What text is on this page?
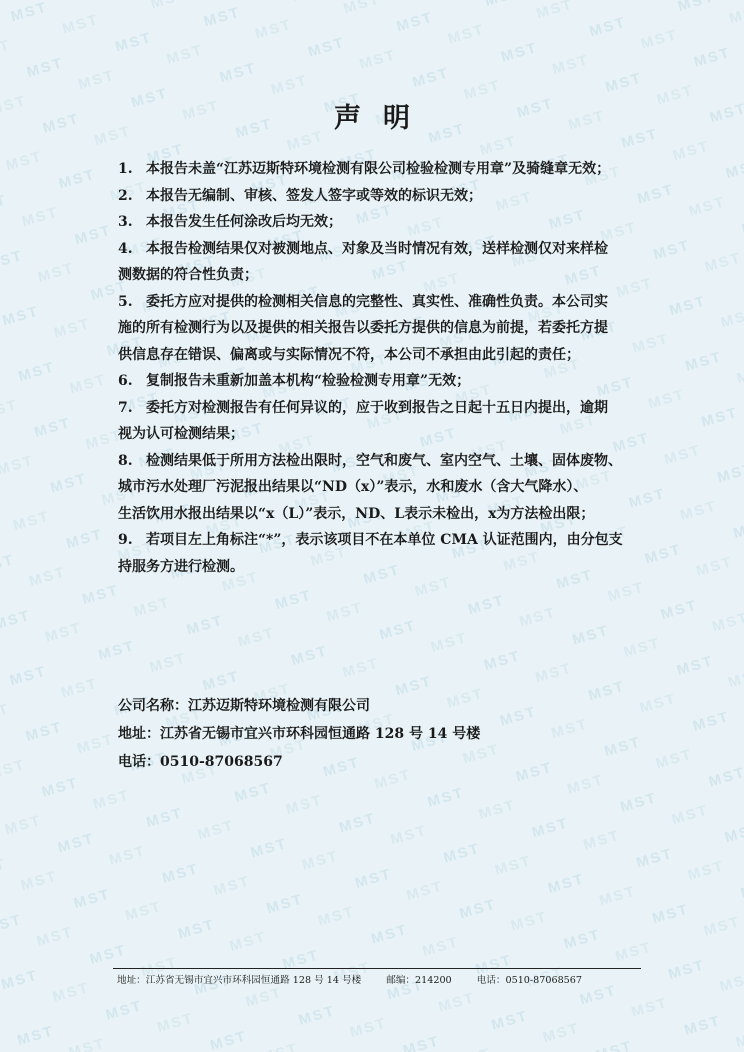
声明
1. 本报告未盖“江苏迈斯特环境检测有限公司检验检测专用章”及骑缝章无效；
2. 本报告无编制、审核、签发人签字或等效的标识无效；
3. 本报告发生任何涂改后均无效；
4. 本报告检测结果仅对被测地点、对象及当时情况有效，送样检测仅对来样检
测数据的符合性负责；
5. 委托方应对提供的检测相关信息的完整性、真实性、准确性负责。本公司实
施的所有检测行为以及提供的相关报告以委托方提供的信息为前提，若委托方提
供信息存在错误、偏离或与实际情况不符，本公司不承担由此引起的责任；
6. 复制报告未重新加盖本机构“检验检测专用章”无效；
7. 委托方对检测报告有任何异议的，应于收到报告之日起十五日内提出，逾期
视为认可检测结果；
8. 检测结果低于所用方法检出限时，空气和废气、室内空气、土壤、固体废物、
城市污水处理厂污泥报出结果以“ND（x）”表示，水和废水（含大气降水）、
生活饮用水报出结果以“x（L）”表示，ND、L表示未检出，x为方法检出限；
9. 若项目左上角标注“*”，表示该项目不在本单位 CMA 认证范围内，由分包支
持服务方进行检测。
公司名称：江苏迈斯特环境检测有限公司
地址：江苏省无锡市宜兴市环科园恒通路 128 号 14 号楼
电话：0510-87068567
地址：江苏省无锡市宜兴市环科园恒通路 128 号 14 号楼	邮编：214200	电话：0510-87068567
